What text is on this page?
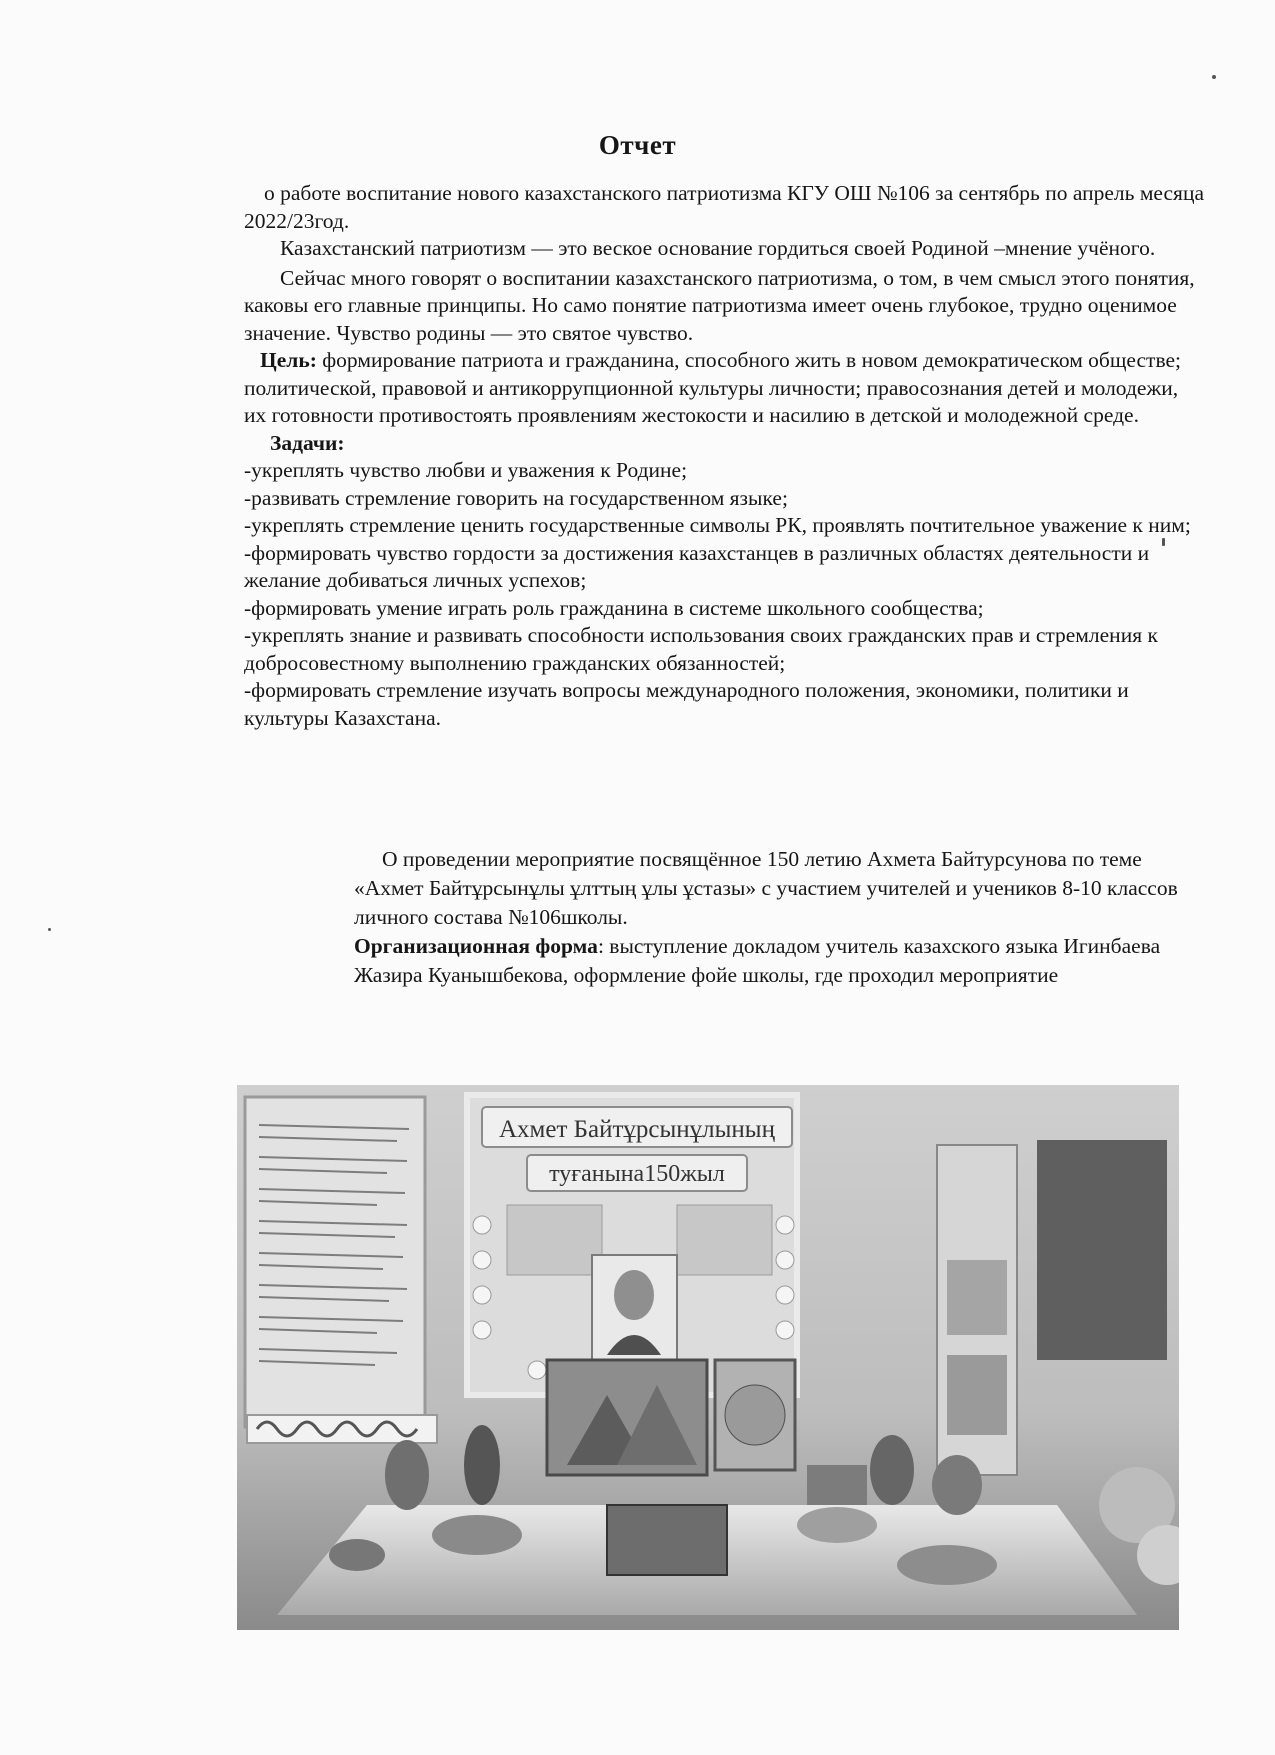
Отчет

о работе воспитание нового казахстанского патриотизма КГУ ОШ №106 за сентябрь по апрель месяца 2022/23год.

Казахстанский патриотизм — это веское основание гордиться своей Родиной –мнение учёного.

Сейчас много говорят о воспитании казахстанского патриотизма, о том, в чем смысл этого понятия, каковы его главные принципы. Но само понятие патриотизма имеет очень глубокое, трудно оценимое значение. Чувство родины — это святое чувство.

Цель: формирование патриота и гражданина, способного жить в новом демократическом обществе; политической, правовой и антикоррупционной культуры личности; правосознания детей и молодежи, их готовности противостоять проявлениям жестокости и насилию в детской и молодежной среде.

Задачи:

-укреплять чувство любви и уважения к Родине;

-развивать стремление говорить на государственном языке;

-укреплять стремление ценить государственные символы РК, проявлять почтительное уважение к ним;

-формировать чувство гордости за достижения казахстанцев в различных областях деятельности и желание добиваться личных успехов;

-формировать умение играть роль гражданина в системе школьного сообщества;

-укреплять знание и развивать способности использования своих гражданских прав и стремления к добросовестному выполнению гражданских обязанностей;

-формировать стремление изучать вопросы международного положения, экономики, политики и культуры Казахстана.

О проведении мероприятие посвящённое 150 летию Ахмета Байтурсунова по теме «Ахмет Байтұрсынұлы ұлттың ұлы ұстазы» с участием учителей и учеников 8-10 классов личного состава №106школы.

Организационная форма: выступление докладом учитель казахского языка Игинбаева Жазира Куанышбекова, оформление фойе школы, где проходил мероприятие

Ахмет Байтұрсынұлының
туғанына150жыл
